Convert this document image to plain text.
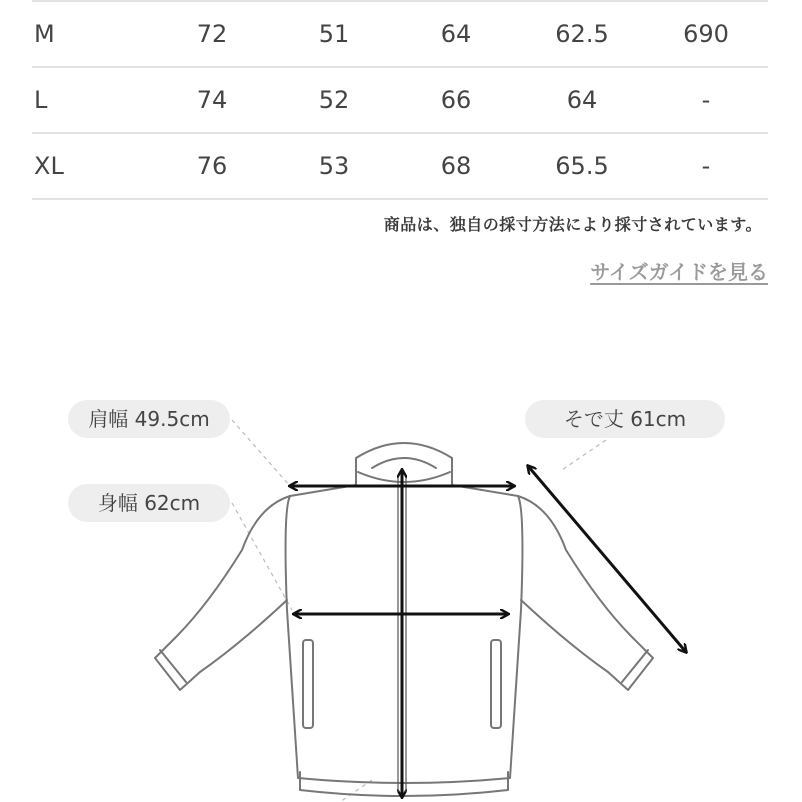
M	72	51	64	62.5	690
L	74	52	66	64	-
XL	76	53	68	65.5	-
商品は、独自の採寸方法により採寸されています。
サイズガイドを見る
肩幅 49.5cm
身幅 62cm
そで丈 61cm
